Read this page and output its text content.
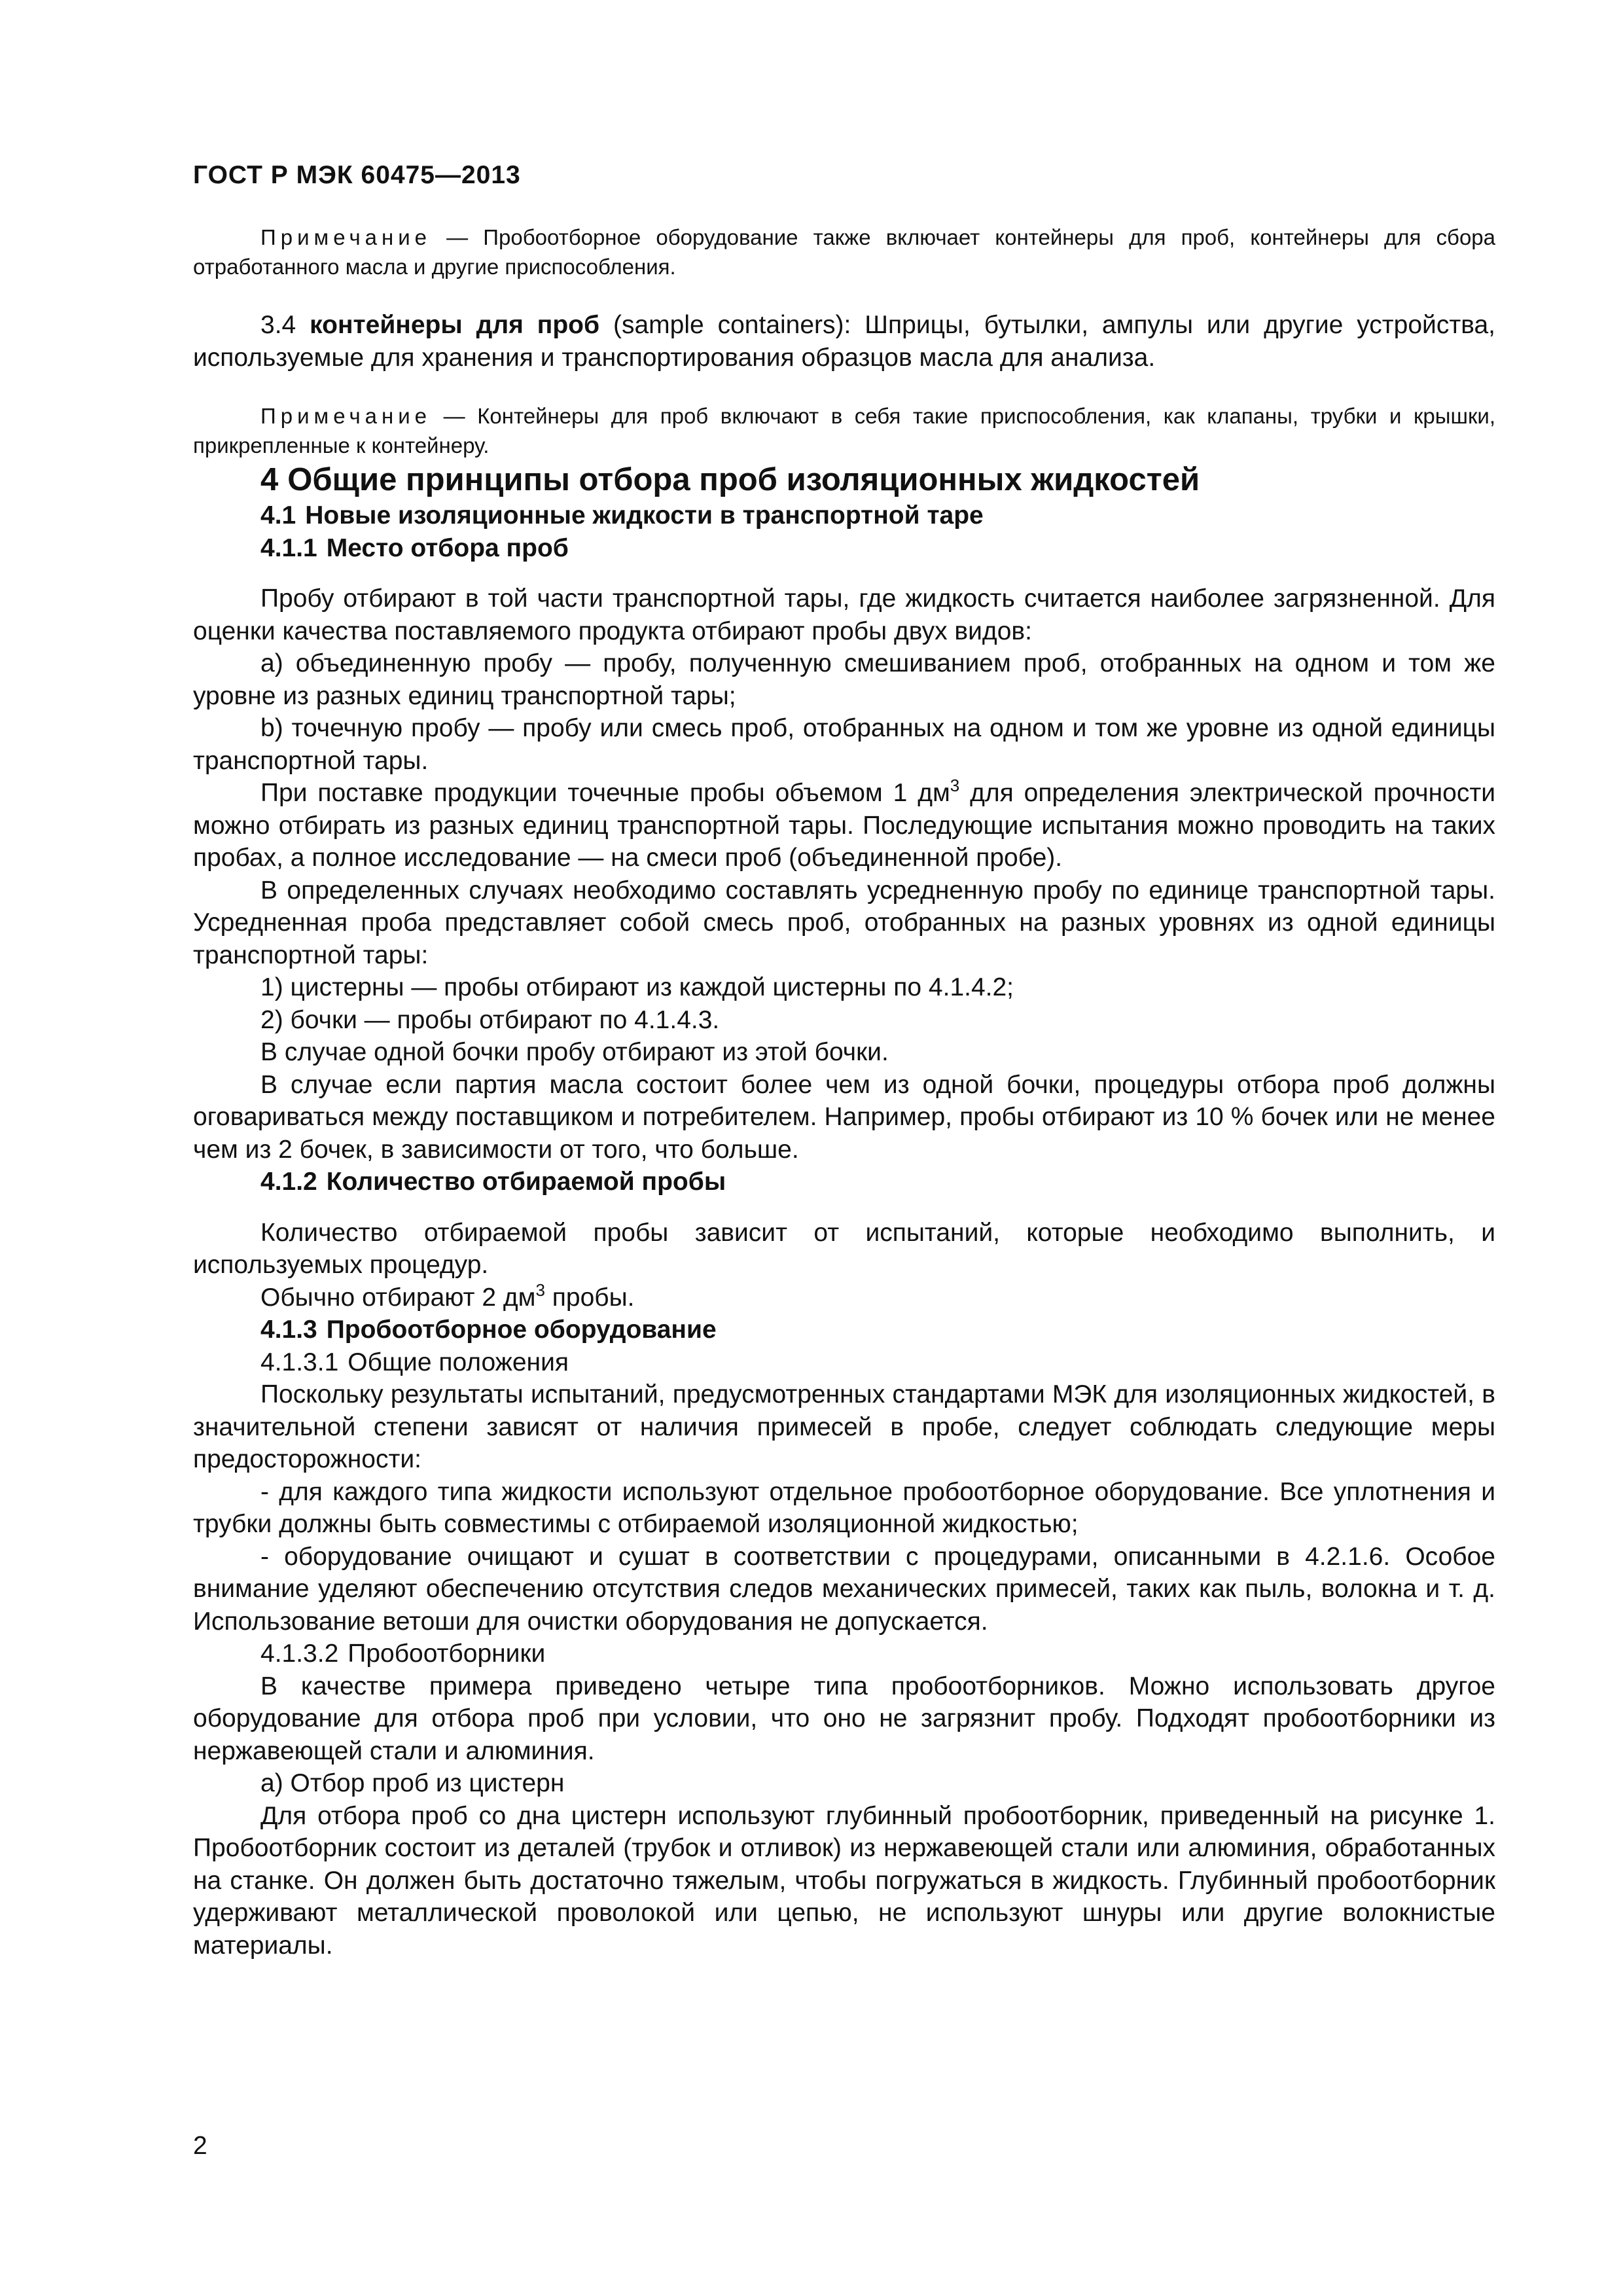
ГОСТ Р МЭК 60475—2013

Примечание — Пробоотборное оборудование также включает контейнеры для проб, контейнеры для сбора отработанного масла и другие приспособления.

3.4 контейнеры для проб (sample containers): Шприцы, бутылки, ампулы или другие устройства, используемые для хранения и транспортирования образцов масла для анализа.

Примечание — Контейнеры для проб включают в себя такие приспособления, как клапаны, трубки и крышки, прикрепленные к контейнеру.

4 Общие принципы отбора проб изоляционных жидкостей

4.1 Новые изоляционные жидкости в транспортной таре

4.1.1 Место отбора проб

Пробу отбирают в той части транспортной тары, где жидкость считается наиболее загрязненной. Для оценки качества поставляемого продукта отбирают пробы двух видов:

а) объединенную пробу — пробу, полученную смешиванием проб, отобранных на одном и том же уровне из разных единиц транспортной тары;

b) точечную пробу — пробу или смесь проб, отобранных на одном и том же уровне из одной единицы транспортной тары.

При поставке продукции точечные пробы объемом 1 $дм^3$ для определения электрической прочности можно отбирать из разных единиц транспортной тары. Последующие испытания можно проводить на таких пробах, а полное исследование — на смеси проб (объединенной пробе).

В определенных случаях необходимо составлять усредненную пробу по единице транспортной тары. Усредненная проба представляет собой смесь проб, отобранных на разных уровнях из одной единицы транспортной тары:

1) цистерны — пробы отбирают из каждой цистерны по 4.1.4.2;

2) бочки — пробы отбирают по 4.1.4.3.

В случае одной бочки пробу отбирают из этой бочки.

В случае если партия масла состоит более чем из одной бочки, процедуры отбора проб должны оговариваться между поставщиком и потребителем. Например, пробы отбирают из 10 % бочек или не менее чем из 2 бочек, в зависимости от того, что больше.

4.1.2 Количество отбираемой пробы

Количество отбираемой пробы зависит от испытаний, которые необходимо выполнить, и используемых процедур.

Обычно отбирают 2 $дм^3$ пробы.

4.1.3 Пробоотборное оборудование

4.1.3.1 Общие положения

Поскольку результаты испытаний, предусмотренных стандартами МЭК для изоляционных жидкостей, в значительной степени зависят от наличия примесей в пробе, следует соблюдать следующие меры предосторожности:

- для каждого типа жидкости используют отдельное пробоотборное оборудование. Все уплотнения и трубки должны быть совместимы с отбираемой изоляционной жидкостью;

- оборудование очищают и сушат в соответствии с процедурами, описанными в 4.2.1.6. Особое внимание уделяют обеспечению отсутствия следов механических примесей, таких как пыль, волокна и т. д. Использование ветоши для очистки оборудования не допускается.

4.1.3.2 Пробоотборники

В качестве примера приведено четыре типа пробоотборников. Можно использовать другое оборудование для отбора проб при условии, что оно не загрязнит пробу. Подходят пробоотборники из нержавеющей стали и алюминия.

а) Отбор проб из цистерн

Для отбора проб со дна цистерн используют глубинный пробоотборник, приведенный на рисунке 1. Пробоотборник состоит из деталей (трубок и отливок) из нержавеющей стали или алюминия, обработанных на станке. Он должен быть достаточно тяжелым, чтобы погружаться в жидкость. Глубинный пробоотборник удерживают металлической проволокой или цепью, не используют шнуры или другие волокнистые материалы.

2
